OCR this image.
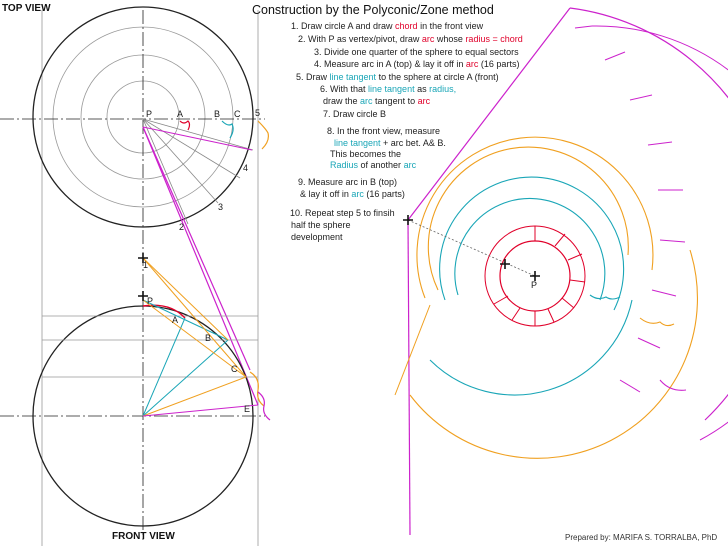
TOP VIEW
FRONT VIEW
Construction by the Polyconic/Zone method
P	A	B C 5
4
3
2
1
P
A
B
C
E
P
1. Draw circle A and draw chord in the front view
2. With P as vertex/pivot, draw arc whose radius = chord
3. Divide one quarter of the sphere to equal sectors
4. Measure arc in A (top) & lay it off in arc (16 parts)
5. Draw line tangent to the sphere at circle A (front)
6. With that line tangent as radius,
draw the arc tangent to arc
7. Draw circle B
8. In the front view, measure
line tangent + arc bet. A& B.
This becomes the
Radius of another arc
9. Measure arc in B (top)
& lay it off in arc (16 parts)
10. Repeat step 5 to finsih
half the sphere
development
Prepared by: MARIFA S. TORRALBA, PhD
